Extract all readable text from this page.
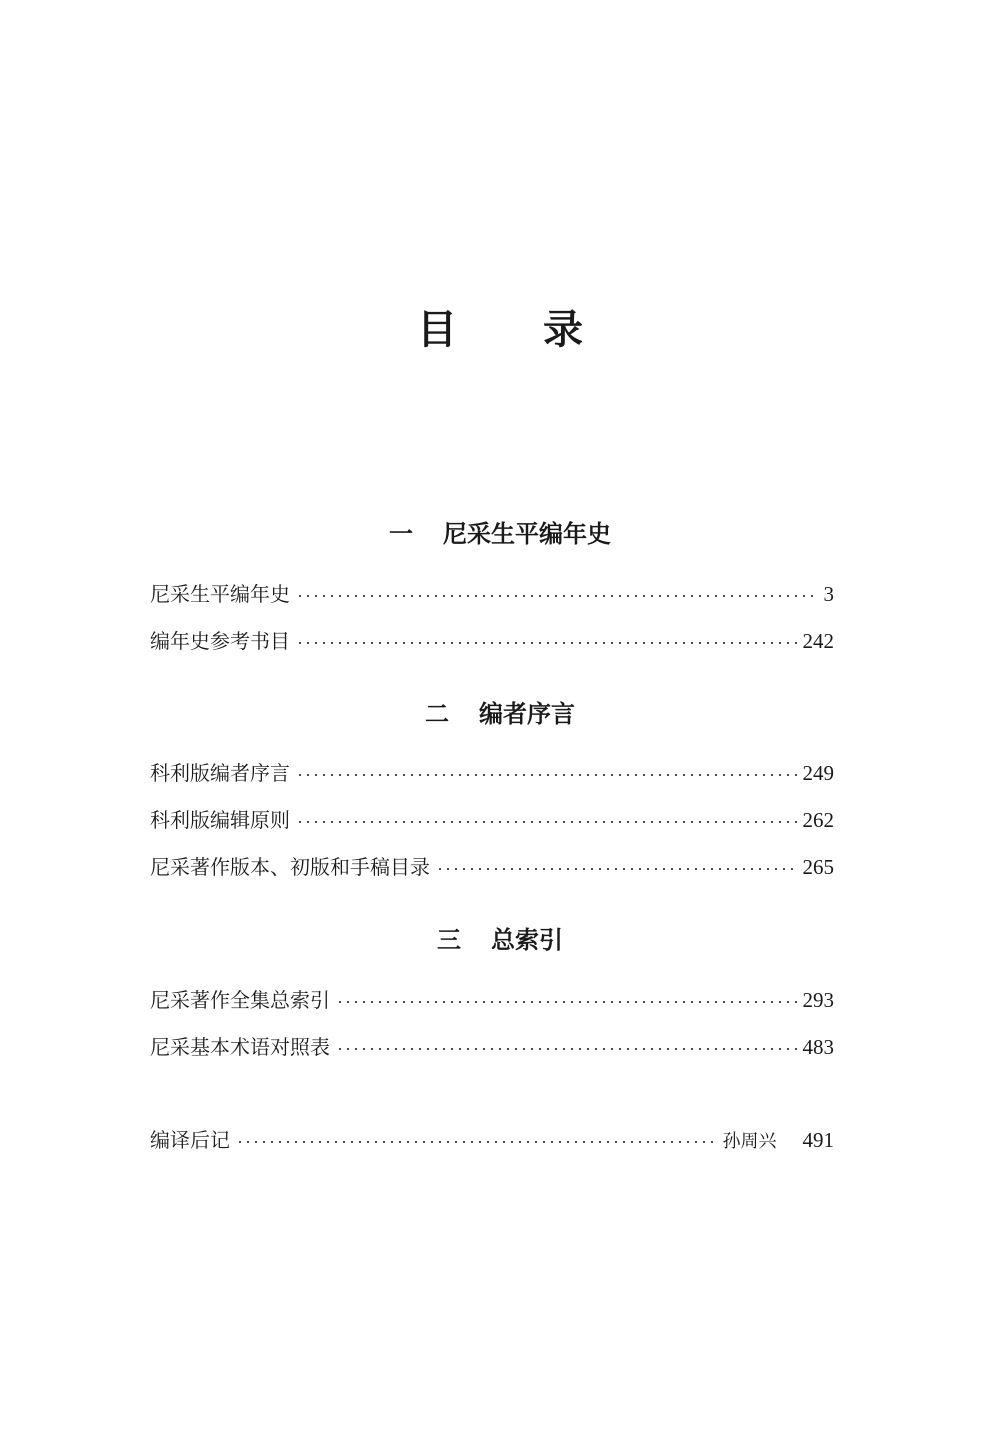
目 录
一 尼采生平编年史
尼采生平编年史	3
编年史参考书目	242
二 编者序言
科利版编者序言	249
科利版编辑原则	262
尼采著作版本、初版和手稿目录	265
三 总索引
尼采著作全集总索引	293
尼采基本术语对照表	483
编译后记	孙周兴 491
